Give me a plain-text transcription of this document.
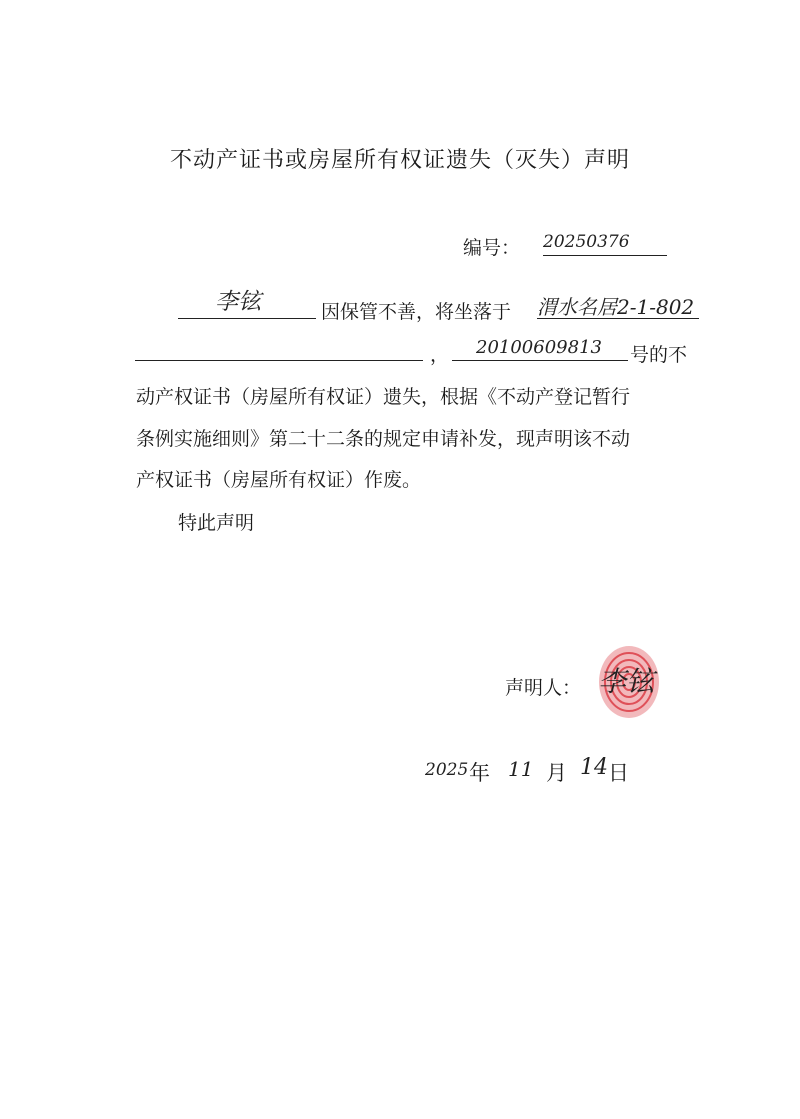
不动产证书或房屋所有权证遗失（灭失）声明
编号： 20250376
李铉	因保管不善，将坐落于 渭水名居2-1-802
， 20100609813 号的不
动产权证书（房屋所有权证）遗失，根据《不动产登记暂行
条例实施细则》第二十二条的规定申请补发，现声明该不动
产权证书（房屋所有权证）作废。
特此声明
声明人： 李铉
2025 年 11 月 14 日
